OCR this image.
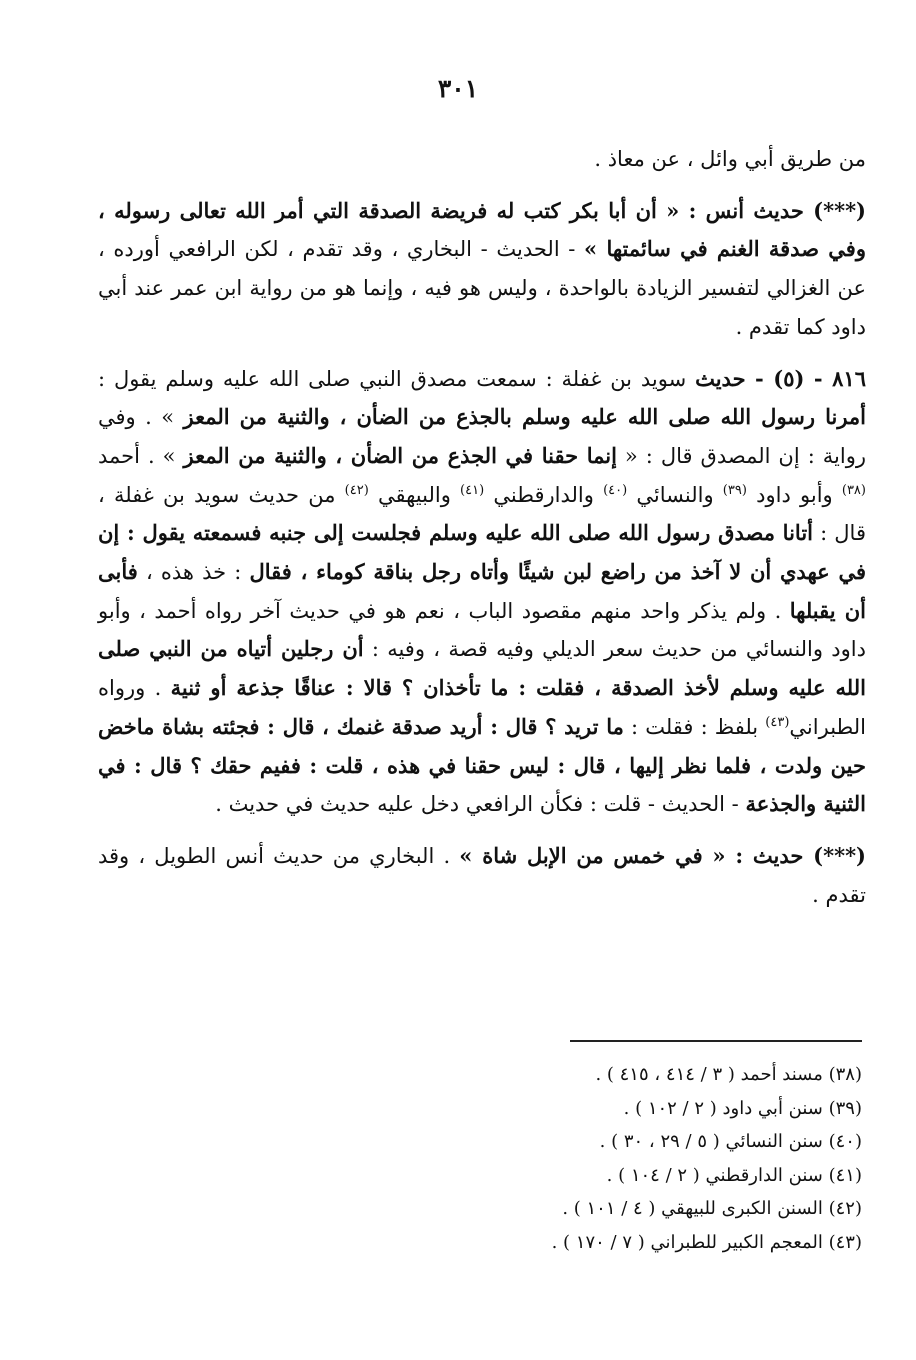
٣٠١

من طريق أبي وائل ، عن معاذ .

(***) حديث أنس : « أن أبا بكر كتب له فريضة الصدقة التي أمر الله تعالى رسوله ، وفي صدقة الغنم في سائمتها » - الحديث - البخاري ، وقد تقدم ، لكن الرافعي أورده ، عن الغزالي لتفسير الزيادة بالواحدة ، وليس هو فيه ، وإنما هو من رواية ابن عمر عند أبي داود كما تقدم .

٨١٦ - (٥) - حديث سويد بن غفلة : سمعت مصدق النبي صلى الله عليه وسلم يقول : أمرنا رسول الله صلى الله عليه وسلم بالجذع من الضأن ، والثنية من المعز » . وفي رواية : إن المصدق قال : « إنما حقنا في الجذع من الضأن ، والثنية من المعز » . أحمد $^{(٣٨)}$ وأبو داود $^{(٣٩)}$ والنسائي $^{(٤٠)}$ والدارقطني $^{(٤١)}$ والبيهقي $^{(٤٢)}$ من حديث سويد بن غفلة ، قال : أتانا مصدق رسول الله صلى الله عليه وسلم فجلست إلى جنبه فسمعته يقول : إن في عهدي أن لا آخذ من راضع لبن شيئًا وأتاه رجل بناقة كوماء ، فقال : خذ هذه ، فأبى أن يقبلها . ولم يذكر واحد منهم مقصود الباب ، نعم هو في حديث آخر رواه أحمد ، وأبو داود والنسائي من حديث سعر الديلي وفيه قصة ، وفيه : أن رجلين أتياه من النبي صلى الله عليه وسلم لأخذ الصدقة ، فقلت : ما تأخذان ؟ قالا : عناقًا جذعة أو ثنية . ورواه الطبراني$^{(٤٣)}$ بلفظ : فقلت : ما تريد ؟ قال : أريد صدقة غنمك ، قال : فجئته بشاة ماخض حين ولدت ، فلما نظر إليها ، قال : ليس حقنا في هذه ، قلت : ففيم حقك ؟ قال : في الثنية والجذعة - الحديث - قلت : فكأن الرافعي دخل عليه حديث في حديث .

(***) حديث : « في خمس من الإبل شاة » . البخاري من حديث أنس الطويل ، وقد تقدم .

(٣٨) مسند أحمد ( ٣ / ٤١٤ ، ٤١٥ ) .
(٣٩) سنن أبي داود ( ٢ / ١٠٢ ) .
(٤٠) سنن النسائي ( ٥ / ٢٩ ، ٣٠ ) .
(٤١) سنن الدارقطني ( ٢ / ١٠٤ ) .
(٤٢) السنن الكبرى للبيهقي ( ٤ / ١٠١ ) .
(٤٣) المعجم الكبير للطبراني ( ٧ / ١٧٠ ) .
